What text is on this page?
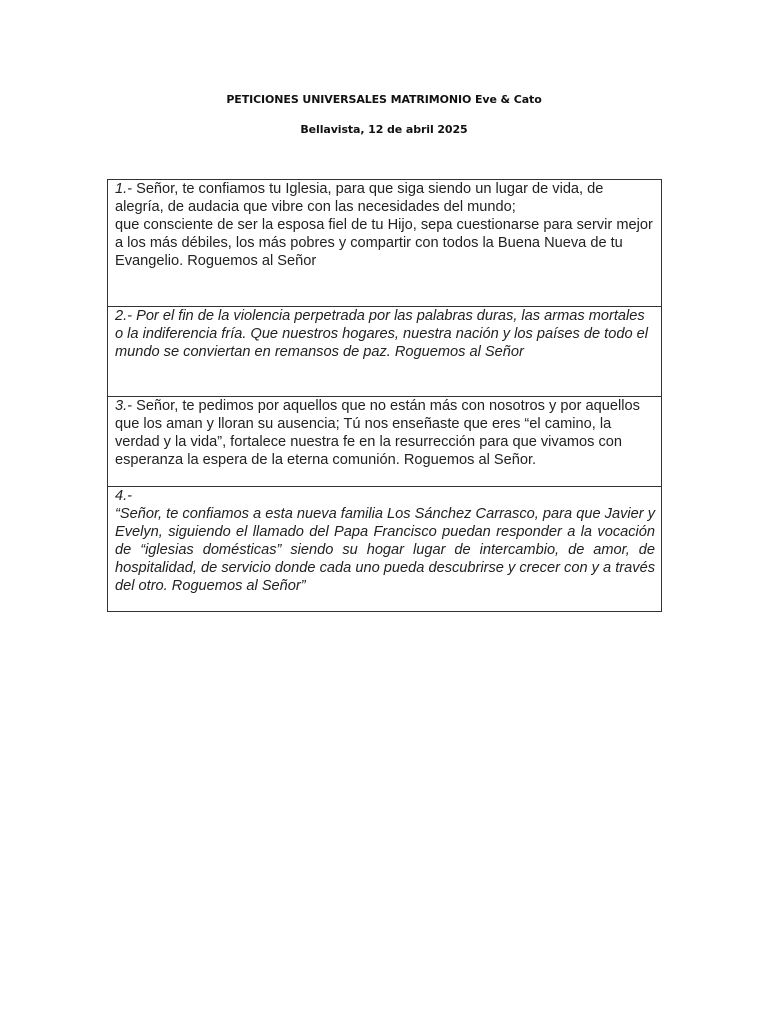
PETICIONES UNIVERSALES MATRIMONIO Eve & Cato
Bellavista, 12 de abril 2025
1.- Señor, te confiamos tu Iglesia, para que siga siendo un lugar de vida, de alegría, de audacia que vibre con las necesidades del mundo;
que consciente de ser la esposa fiel de tu Hijo, sepa cuestionarse para servir mejor a los más débiles, los más pobres y compartir con todos la Buena Nueva de tu Evangelio. Roguemos al Señor

2.- Por el fin de la violencia perpetrada por las palabras duras, las armas mortales o la indiferencia fría. Que nuestros hogares, nuestra nación y los países de todo el mundo se conviertan en remansos de paz. Roguemos al Señor
3.- Señor, te pedimos por aquellos que no están más con nosotros y por aquellos que los aman y lloran su ausencia; Tú nos enseñaste que eres “el camino, la verdad y la vida”, fortalece nuestra fe en la resurrección para que vivamos con esperanza la espera de la eterna comunión. Roguemos al Señor.

4.-
“Señor, te confiamos a esta nueva familia Los Sánchez Carrasco, para que Javier y Evelyn, siguiendo el llamado del Papa Francisco puedan responder a la vocación de “iglesias domésticas” siendo su hogar lugar de intercambio, de amor, de hospitalidad, de servicio donde cada uno pueda descubrirse y crecer con y a través del otro. Roguemos al Señor”
